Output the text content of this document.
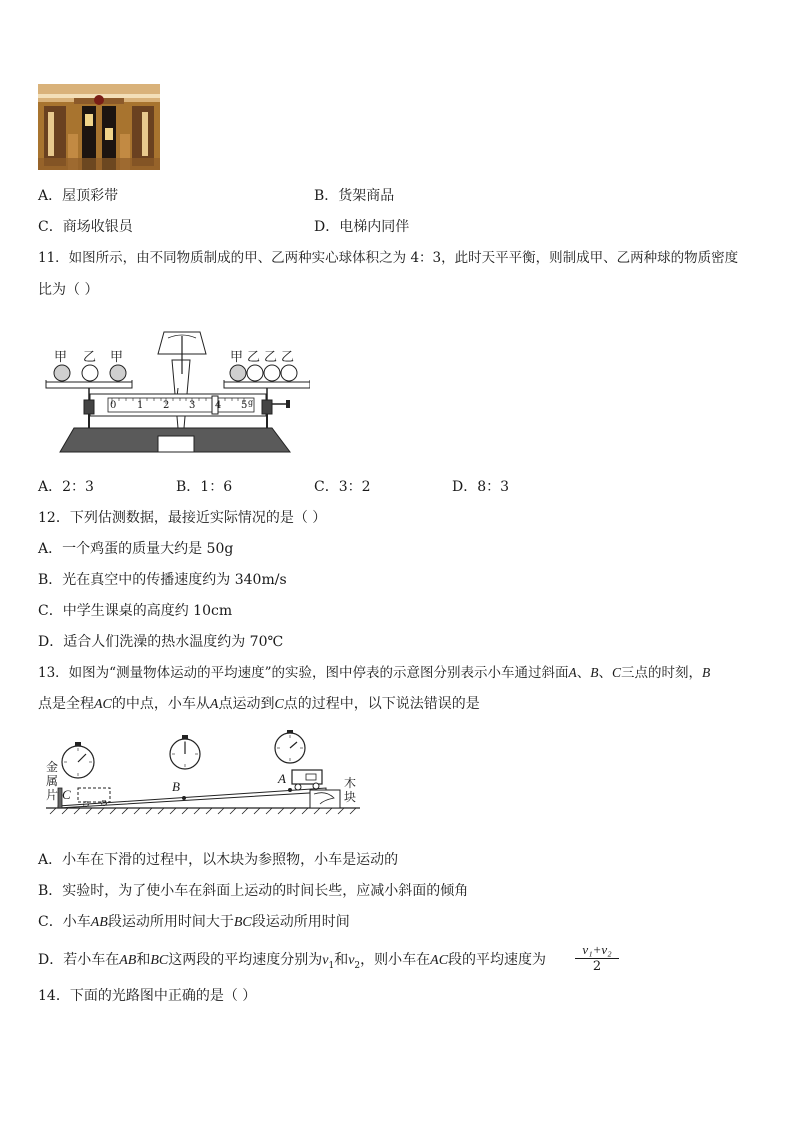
A．屋顶彩带	B．货架商品
C．商场收银员	D．电梯内同伴
11．如图所示，由不同物质制成的甲、乙两种实心球体积之为 4：3，此时天平平衡，则制成甲、乙两种球的物质密度
比为（ ）
甲 乙 甲	甲 乙 乙 乙
0 1 2 3 4 5 g
A．2：3	B．1：6	C．3：2	D．8：3
12．下列估测数据，最接近实际情况的是（ ）
A．一个鸡蛋的质量大约是 50g
B．光在真空中的传播速度约为 340m/s
C．中学生课桌的高度约 10cm
D．适合人们洗澡的热水温度约为 70℃
13．如图为“测量物体运动的平均速度”的实验，图中停表的示意图分别表示小车通过斜面A、B、C三点的时刻，B
点是全程AC的中点，小车从A点运动到C点的过程中，以下说法错误的是
金
属
片 C
B
A	木
块
A．小车在下滑的过程中，以木块为参照物，小车是运动的
B．实验时，为了使小车在斜面上运动的时间长些，应减小斜面的倾角
C．小车AB段运动所用时间大于BC段运动所用时间
D．若小车在AB和BC这两段的平均速度分别为$v_1$和$v_2$，则小车在AC段的平均速度为 $\frac{\text{v₁+v₂}}{2}$
14．下面的光路图中正确的是（ ）
